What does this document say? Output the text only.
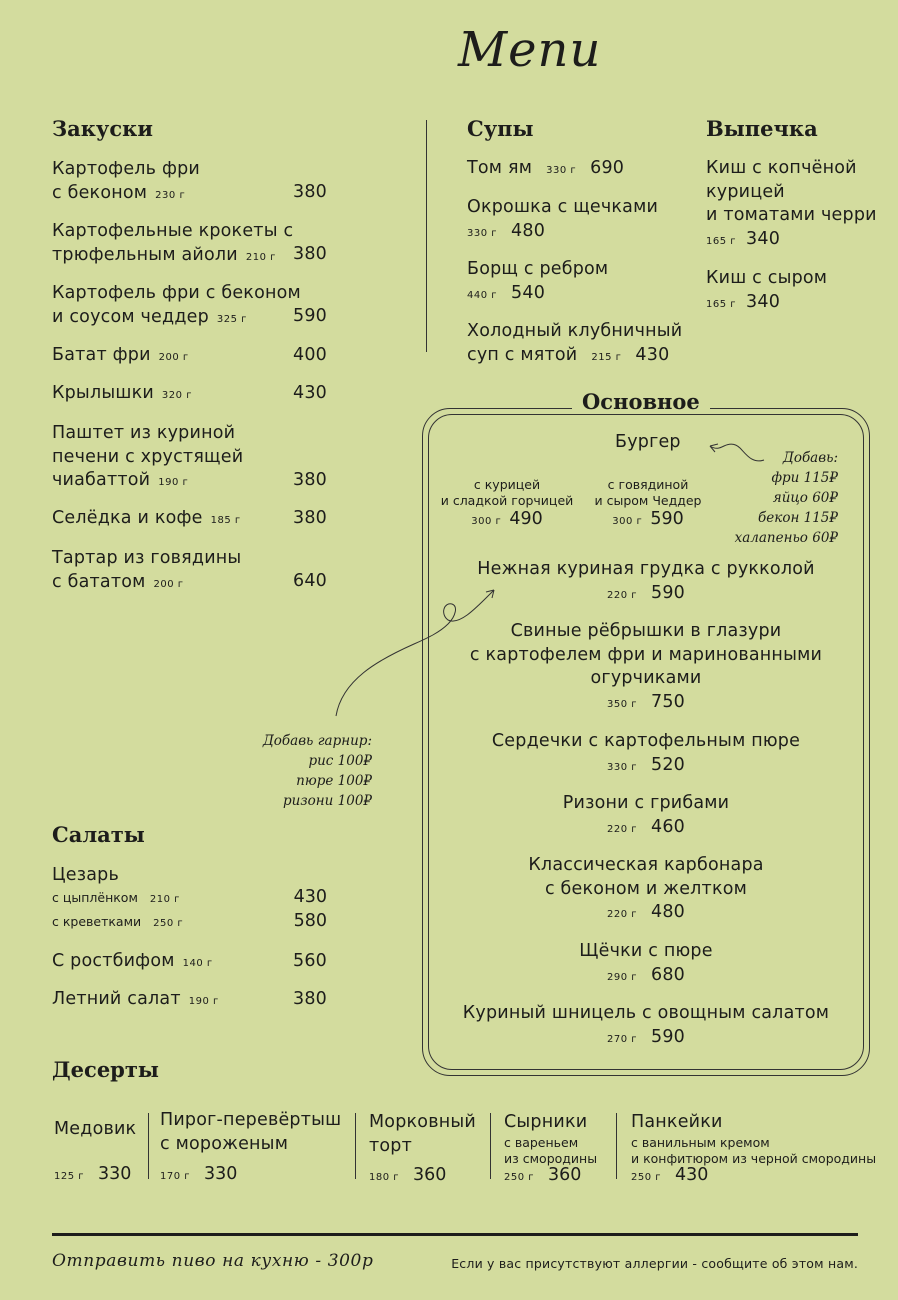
Menu
Закуски
Картофель фри
с беконом 230 г	380
Картофельные крокеты с
трюфельным айоли 210 г 380
Картофель фри с беконом
и соусом чеддер 325 г	590
Батат фри 200 г	400
Крылышки 320 г	430
Паштет из куриной
печени с хрустящей
чиабаттой 190 г	380
Селёдка и кофе 185 г	380
Тартар из говядины
с бататом 200 г	640
Супы
Том ям 330 г 690
Окрошка с щечками
330 г 480
Борщ с ребром
440 г 540
Холодный клубничный
суп с мятой 215 г 430
Выпечка
Киш с копчёной
курицей
и томатами черри
165 г 340
Киш с сыром
165 г 340
Основное
Бургер
с курицей
и сладкой горчицей
300 г 490
с говядиной
и сыром Чеддер
300 г 590
Добавь:
фри 115₽
яйцо 60₽
бекон 115₽
халапеньо 60₽
Нежная куриная грудка с рукколой
220 г 590
Свиные рёбрышки в глазури
с картофелем фри и маринованными
огурчиками
350 г 750
Сердечки с картофельным пюре
330 г 520
Ризони с грибами
220 г 460
Классическая карбонара
с беконом и желтком
220 г 480
Щёчки с пюре
290 г 680
Куриный шницель с овощным салатом
270 г 590
Добавь гарнир:
рис 100₽
пюре 100₽
ризони 100₽
Салаты
Цезарь
с цыплёнком 210 г	430
с креветками 250 г	580
С ростбифом 140 г	560
Летний салат 190 г	380
Десерты
Медовик
125 г 330
Пирог-перевёртыш
с мороженым
170 г 330
Морковный
торт
180 г 360
Сырники
с вареньем
из смородины
250 г 360
Панкейки
с ванильным кремом
и конфитюром из черной смородины
250 г 430
Отправить пиво на кухню - 300р	Если у вас присутствуют аллергии - сообщите об этом нам.
